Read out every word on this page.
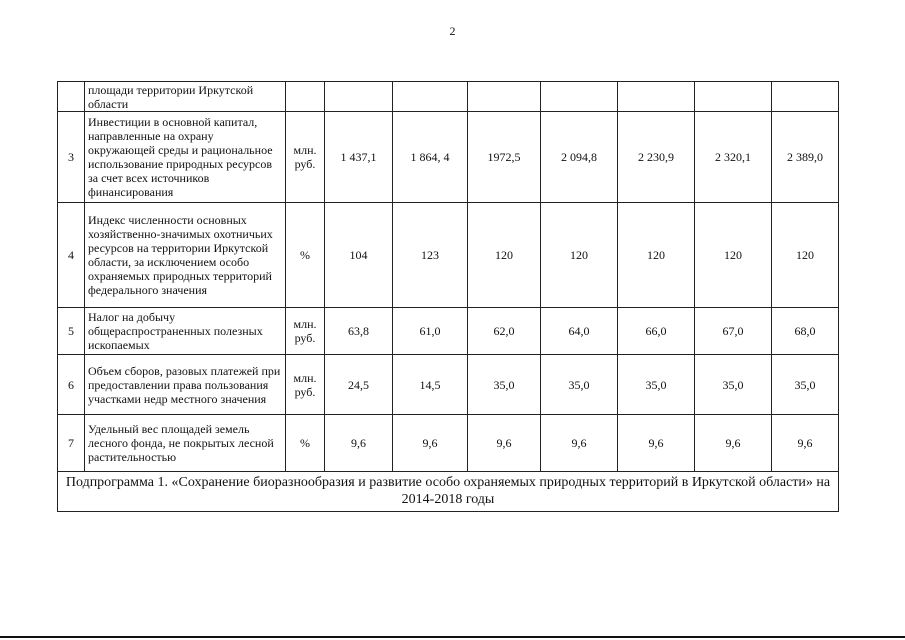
2
	площади территории Иркутской области								
3	Инвестиции в основной капитал, направленные на охрану окружающей среды и рациональное использование природных ресурсов за счет всех источников финансирования	млн. руб.	1 437,1	1 864, 4	1972,5	2 094,8	2 230,9	2 320,1	2 389,0
4	Индекс численности основных хозяйственно-значимых охотничьих ресурсов на территории Иркутской области, за исключением особо охраняемых природных территорий федерального значения	%	104	123	120	120	120	120	120
5	Налог на добычу общераспространенных полезных ископаемых	млн. руб.	63,8	61,0	62,0	64,0	66,0	67,0	68,0
6	Объем сборов, разовых платежей при предоставлении права пользования участками недр местного значения	млн. руб.	24,5	14,5	35,0	35,0	35,0	35,0	35,0
7	Удельный вес площадей земель лесного фонда, не покрытых лесной растительностью	%	9,6	9,6	9,6	9,6	9,6	9,6	9,6
Подпрограмма 1. «Сохранение биоразнообразия и развитие особо охраняемых природных территорий в Иркутской области» на 2014-2018 годы									
